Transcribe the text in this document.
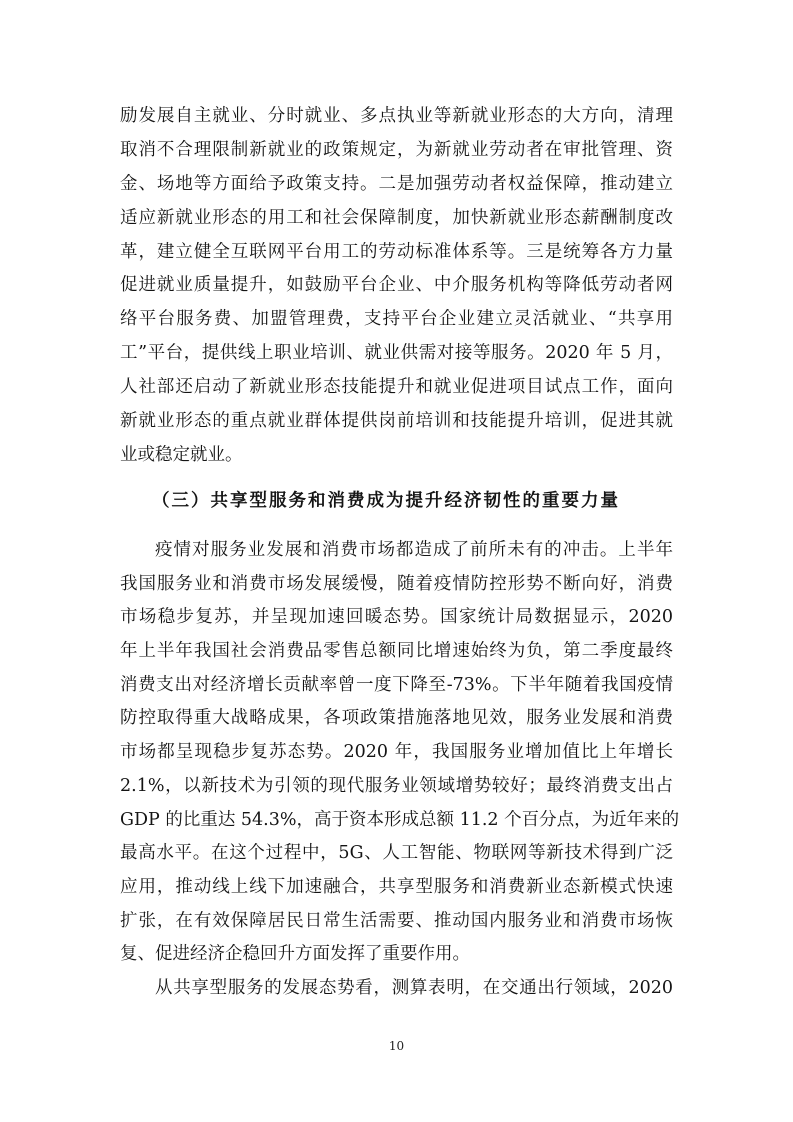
励发展自主就业、分时就业、多点执业等新就业形态的大方向，清理
取消不合理限制新就业的政策规定，为新就业劳动者在审批管理、资
金、场地等方面给予政策支持。二是加强劳动者权益保障，推动建立
适应新就业形态的用工和社会保障制度，加快新就业形态薪酬制度改
革，建立健全互联网平台用工的劳动标准体系等。三是统筹各方力量
促进就业质量提升，如鼓励平台企业、中介服务机构等降低劳动者网
络平台服务费、加盟管理费，支持平台企业建立灵活就业、“共享用
工”平台，提供线上职业培训、就业供需对接等服务。2020 年 5 月，
人社部还启动了新就业形态技能提升和就业促进项目试点工作，面向
新就业形态的重点就业群体提供岗前培训和技能提升培训，促进其就
业或稳定就业。
（三）共享型服务和消费成为提升经济韧性的重要力量
疫情对服务业发展和消费市场都造成了前所未有的冲击。上半年
我国服务业和消费市场发展缓慢，随着疫情防控形势不断向好，消费
市场稳步复苏，并呈现加速回暖态势。国家统计局数据显示，2020
年上半年我国社会消费品零售总额同比增速始终为负，第二季度最终
消费支出对经济增长贡献率曾一度下降至-73%。下半年随着我国疫情
防控取得重大战略成果，各项政策措施落地见效，服务业发展和消费
市场都呈现稳步复苏态势。2020 年，我国服务业增加值比上年增长
2.1%，以新技术为引领的现代服务业领域增势较好；最终消费支出占
GDP 的比重达 54.3%，高于资本形成总额 11.2 个百分点，为近年来的
最高水平。在这个过程中，5G、人工智能、物联网等新技术得到广泛
应用，推动线上线下加速融合，共享型服务和消费新业态新模式快速
扩张，在有效保障居民日常生活需要、推动国内服务业和消费市场恢
复、促进经济企稳回升方面发挥了重要作用。
从共享型服务的发展态势看，测算表明，在交通出行领域，2020
10
